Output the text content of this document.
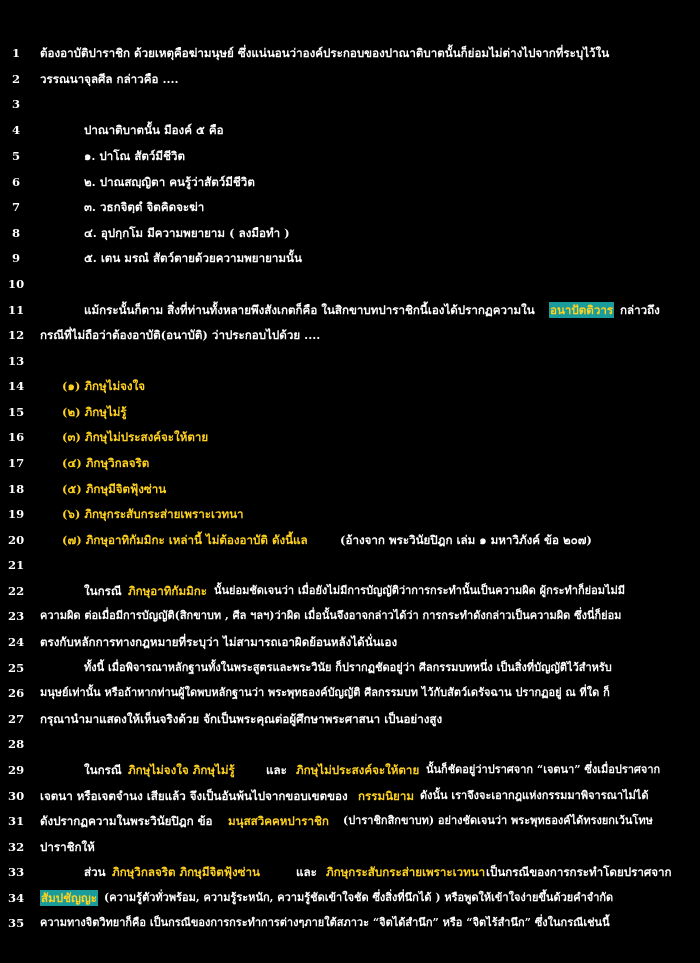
1	ต้องอาบัติปาราชิก ด้วยเหตุคือฆ่ามนุษย์ ซึ่งแน่นอนว่าองค์ประกอบของปาณาติบาตนั้นก็ย่อมไม่ต่างไปจากที่ระบุไว้ใน
2	วรรณนาจุลศีล กล่าวคือ ....
3
4	ปาณาติบาตนั้น มีองค์ ๕ คือ
5	๑. ปาโณ สัตว์มีชีวิต
6	๒. ปาณสญฺญิตา คนรู้ว่าสัตว์มีชีวิต
7	๓. วธกจิตฺตํ จิตคิดจะฆ่า
8	๔. อุปกฺกโม มีความพยายาม ( ลงมือทำ )
9	๕. เตน มรณํ สัตว์ตายด้วยความพยายามนั้น
10
11	แม้กระนั้นก็ตาม สิ่งที่ท่านทั้งหลายพึงสังเกตก็คือ ในสิกขาบทปาราชิกนี้เองได้ปรากฏความใน อนาปัตติวาร กล่าวถึง
12 กรณีที่ไม่ถือว่าต้องอาบัติ(อนาบัติ) ว่าประกอบไปด้วย ....
13
14	(๑) ภิกษุไม่จงใจ
15	(๒) ภิกษุไม่รู้
16	(๓) ภิกษุไม่ประสงค์จะให้ตาย
17	(๔) ภิกษุวิกลจริต
18	(๕) ภิกษุมีจิตฟุ้งซ่าน
19	(๖) ภิกษุกระสับกระส่ายเพราะเวทนา
20	(๗) ภิกษุอาทิกัมมิกะ เหล่านี้ ไม่ต้องอาบัติ ดังนี้แล	(อ้างจาก พระวินัยปิฎก เล่ม ๑ มหาวิภังค์ ข้อ ๒๐๗)
21
22	ในกรณี ภิกษุอาทิกัมมิกะ นั้นย่อมชัดเจนว่า เมื่อยังไม่มีการบัญญัติว่าการกระทำนั้นเป็นความผิด ผู้กระทำก็ย่อมไม่มี
23 ความผิด ต่อเมื่อมีการบัญญัติ(สิกขาบท , ศีล ฯลฯ)ว่าผิด เมื่อนั้นจึงอาจกล่าวได้ว่า การกระทำดังกล่าวเป็นความผิด ซึ่งนี่ก็ย่อม
24 ตรงกับหลักการทางกฎหมายที่ระบุว่า ไม่สามารถเอาผิดย้อนหลังได้นั่นเอง
25	ทั้งนี้ เมื่อพิจารณาหลักฐานทั้งในพระสูตรและพระวินัย ก็ปรากฏชัดอยู่ว่า ศีลกรรมบทหนึ่ง เป็นสิ่งที่บัญญัติไว้สำหรับ
26 มนุษย์เท่านั้น หรือถ้าหากท่านผู้ใดพบหลักฐานว่า พระพุทธองค์บัญญัติ ศีลกรรมบท ไว้กับสัตว์เดรัจฉาน ปรากฏอยู่ ณ ที่ใด ก็
27 กรุณานำมาแสดงให้เห็นจริงด้วย จักเป็นพระคุณต่อผู้ศึกษาพระศาสนา เป็นอย่างสูง
28
29	ในกรณี ภิกษุไม่จงใจ ภิกษุไม่รู้	และ ภิกษุไม่ประสงค์จะให้ตาย นั้นก็ชัดอยู่ว่าปราศจาก “เจตนา” ซึ่งเมื่อปราศจาก
30 เจตนา หรือเจตจำนง เสียแล้ว จึงเป็นอันพ้นไปจากขอบเขตของ กรรมนิยาม ดังนั้น เราจึงจะเอากฎแห่งกรรมมาพิจารณาไม่ได้
31 ดังปรากฏความในพระวินัยปิฎก ข้อ มนุสสวิคคหปาราชิก (ปาราชิกสิกขาบท) อย่างชัดเจนว่า พระพุทธองค์ได้ทรงยกเว้นโทษ
32 ปาราชิกให้
33	ส่วน ภิกษุวิกลจริต ภิกษุมีจิตฟุ้งซ่าน	และ ภิกษุกระสับกระส่ายเพราะเวทนา เป็นกรณีของการกระทำโดยปราศจาก
34 สัมปชัญญะ (ความรู้ตัวทั่วพร้อม, ความรู้ระหนัก, ความรู้ชัดเข้าใจชัด ซึ่งสิ่งที่นึกได้ ) หรือพูดให้เข้าใจง่ายขึ้นด้วยคำจำกัด
35 ความทางจิตวิทยาก็คือ เป็นกรณีของการกระทำการต่างๆภายใต้สภาวะ “จิตได้สำนึก” หรือ “จิตไร้สำนึก” ซึ่งในกรณีเช่นนี้
